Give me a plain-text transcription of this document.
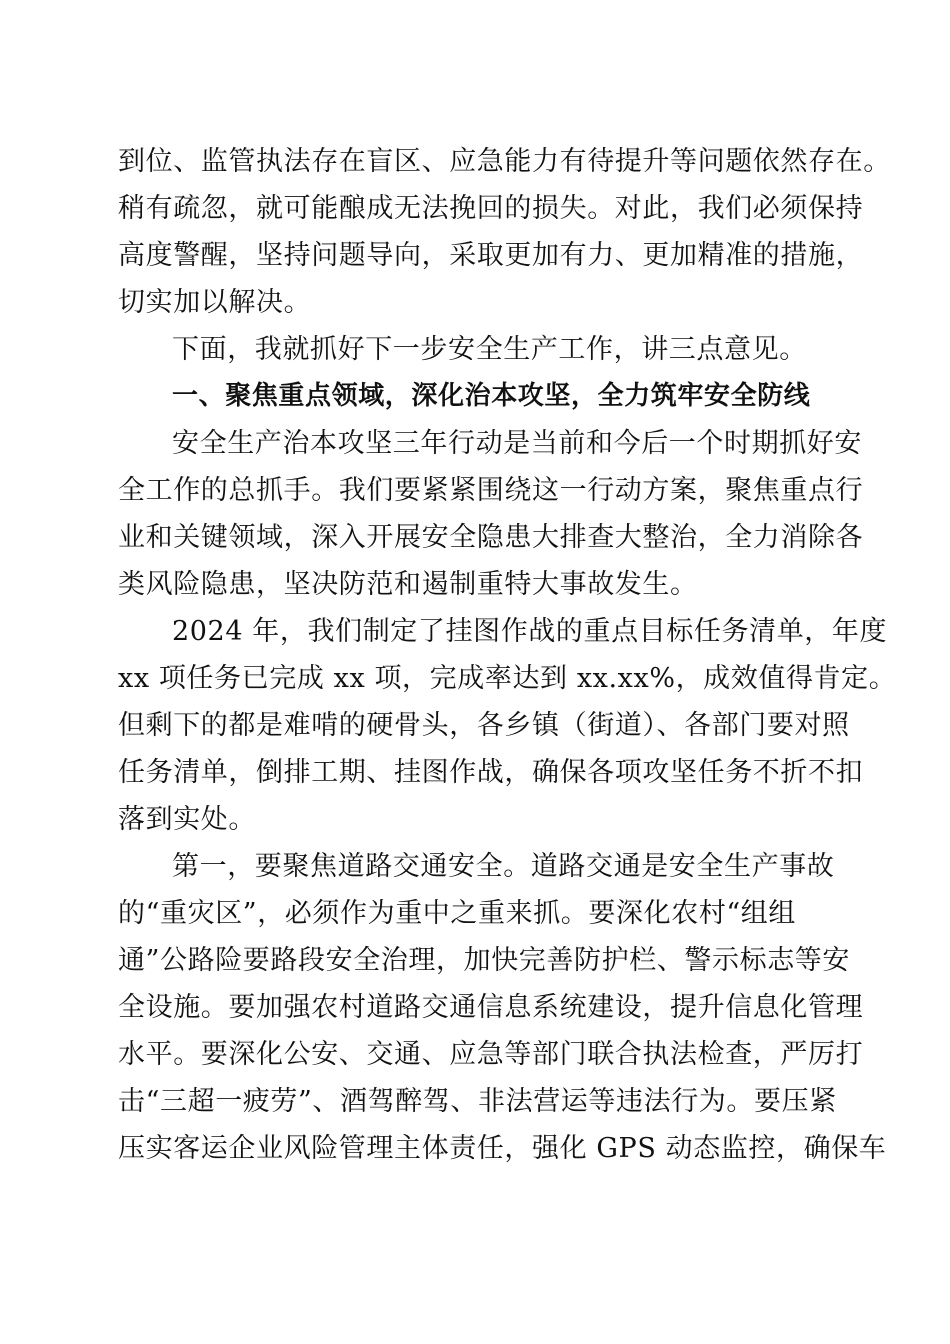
到位、监管执法存在盲区、应急能力有待提升等问题依然存在。
稍有疏忽，就可能酿成无法挽回的损失。对此，我们必须保持
高度警醒，坚持问题导向，采取更加有力、更加精准的措施，
切实加以解决。
下面，我就抓好下一步安全生产工作，讲三点意见。
一、聚焦重点领域，深化治本攻坚，全力筑牢安全防线
安全生产治本攻坚三年行动是当前和今后一个时期抓好安
全工作的总抓手。我们要紧紧围绕这一行动方案，聚焦重点行
业和关键领域，深入开展安全隐患大排查大整治，全力消除各
类风险隐患，坚决防范和遏制重特大事故发生。
2024 年，我们制定了挂图作战的重点目标任务清单，年度
xx 项任务已完成 xx 项，完成率达到 xx.xx%，成效值得肯定。
但剩下的都是难啃的硬骨头，各乡镇（街道）、各部门要对照
任务清单，倒排工期、挂图作战，确保各项攻坚任务不折不扣
落到实处。
第一，要聚焦道路交通安全。道路交通是安全生产事故
的“重灾区”，必须作为重中之重来抓。要深化农村“组组
通”公路险要路段安全治理，加快完善防护栏、警示标志等安
全设施。要加强农村道路交通信息系统建设，提升信息化管理
水平。要深化公安、交通、应急等部门联合执法检查，严厉打
击“三超一疲劳”、酒驾醉驾、非法营运等违法行为。要压紧
压实客运企业风险管理主体责任，强化 GPS 动态监控，确保车
